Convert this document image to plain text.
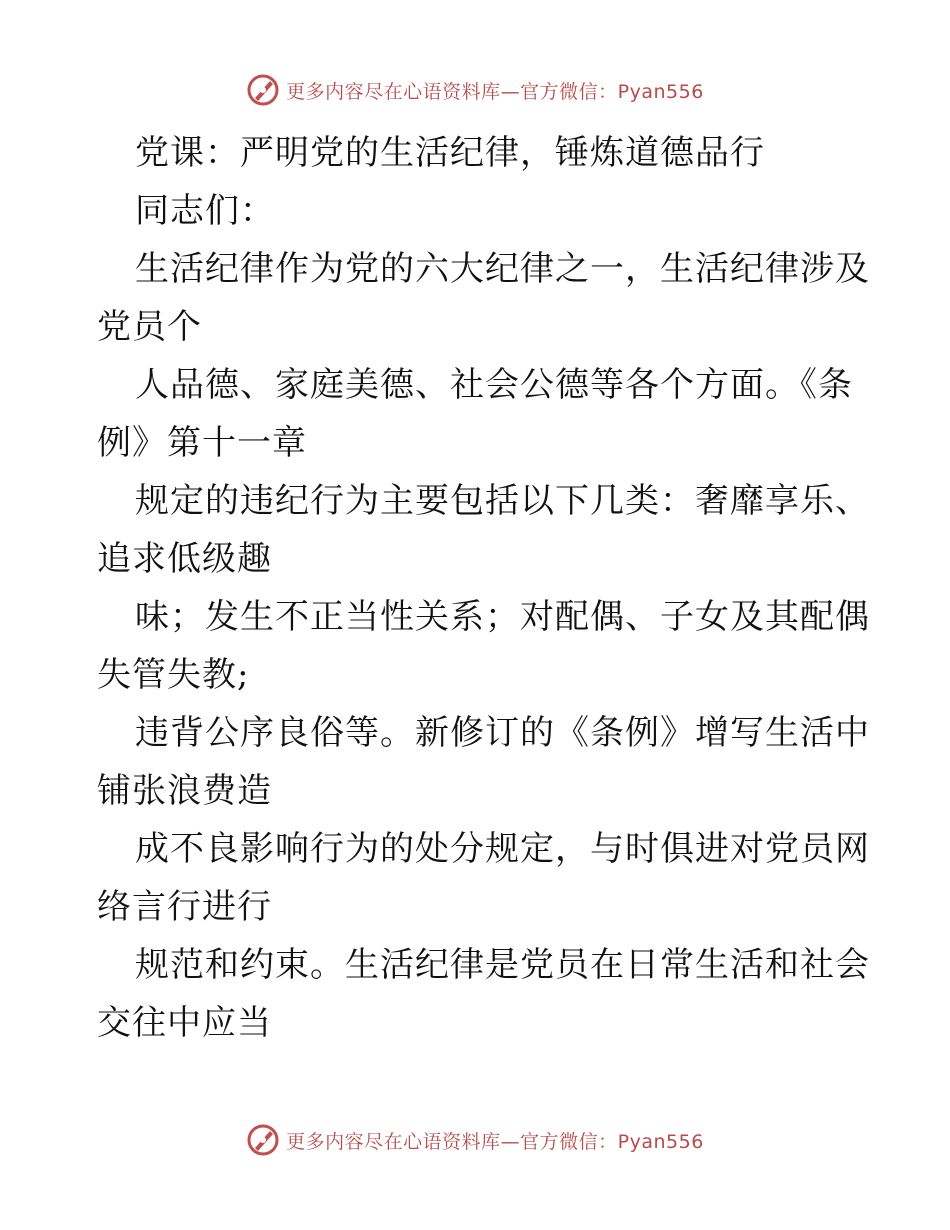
更多内容尽在心语资料库—官方微信：Pyan556
党课：严明党的生活纪律，锤炼道德品行
同志们：
生活纪律作为党的六大纪律之一，生活纪律涉及
党员个
人品德、家庭美德、社会公德等各个方面。《条
例》第十一章
规定的违纪行为主要包括以下几类：奢靡享乐、
追求低级趣
味；发生不正当性关系；对配偶、子女及其配偶
失管失教;
违背公序良俗等。新修订的《条例》增写生活中
铺张浪费造
成不良影响行为的处分规定，与时俱进对党员网
络言行进行
规范和约束。生活纪律是党员在日常生活和社会
交往中应当
更多内容尽在心语资料库—官方微信：Pyan556
